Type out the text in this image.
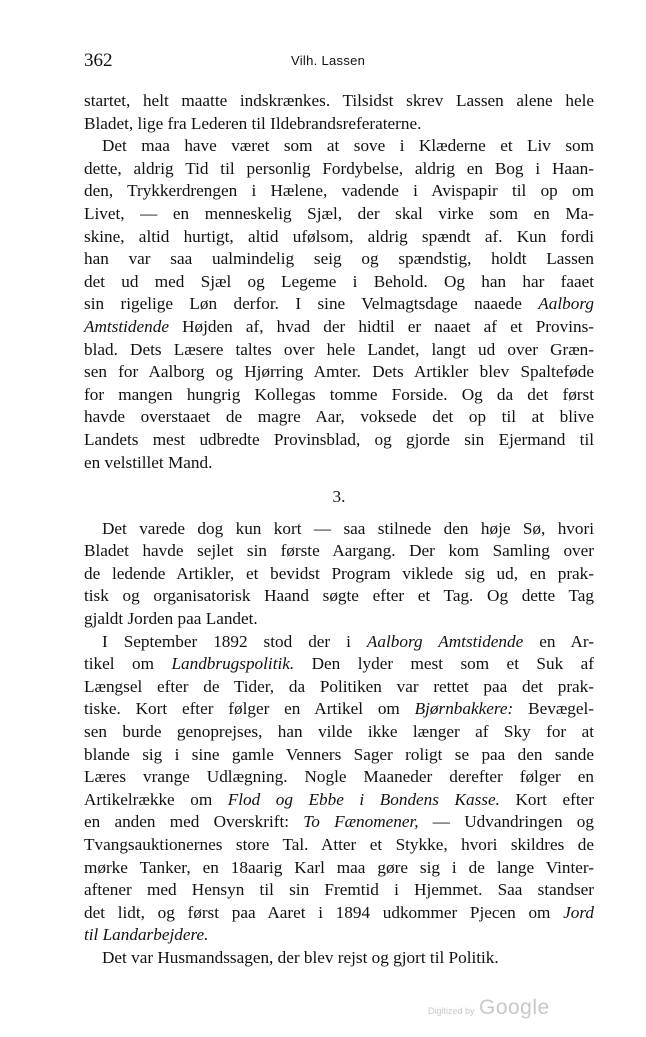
362	Vilh. Lassen
startet, helt maatte indskrænkes. Tilsidst skrev Lassen alene hele
Bladet, lige fra Lederen til Ildebrandsreferaterne.
Det maa have været som at sove i Klæderne et Liv som
dette, aldrig Tid til personlig Fordybelse, aldrig en Bog i Haan-
den, Trykkerdrengen i Hælene, vadende i Avispapir til op om
Livet, — en menneskelig Sjæl, der skal virke som en Ma-
skine, altid hurtigt, altid ufølsom, aldrig spændt af. Kun fordi
han var saa ualmindelig seig og spændstig, holdt Lassen
det ud med Sjæl og Legeme i Behold. Og han har faaet
sin rigelige Løn derfor. I sine Velmagtsdage naaede Aalborg
Amtstidende Højden af, hvad der hidtil er naaet af et Provins-
blad. Dets Læsere taltes over hele Landet, langt ud over Græn-
sen for Aalborg og Hjørring Amter. Dets Artikler blev Spalteføde
for mangen hungrig Kollegas tomme Forside. Og da det først
havde overstaaet de magre Aar, voksede det op til at blive
Landets mest udbredte Provinsblad, og gjorde sin Ejermand til
en velstillet Mand.
3.
Det varede dog kun kort — saa stilnede den høje Sø, hvori
Bladet havde sejlet sin første Aargang. Der kom Samling over
de ledende Artikler, et bevidst Program viklede sig ud, en prak-
tisk og organisatorisk Haand søgte efter et Tag. Og dette Tag
gjaldt Jorden paa Landet.
I September 1892 stod der i Aalborg Amtstidende en Ar-
tikel om Landbrugspolitik. Den lyder mest som et Suk af
Længsel efter de Tider, da Politiken var rettet paa det prak-
tiske. Kort efter følger en Artikel om Bjørnbakkere: Bevægel-
sen burde genoprejses, han vilde ikke længer af Sky for at
blande sig i sine gamle Venners Sager roligt se paa den sande
Læres vrange Udlægning. Nogle Maaneder derefter følger en
Artikelrække om Flod og Ebbe i Bondens Kasse. Kort efter
en anden med Overskrift: To Fænomener, — Udvandringen og
Tvangsauktionernes store Tal. Atter et Stykke, hvori skildres de
mørke Tanker, en 18aarig Karl maa gøre sig i de lange Vinter-
aftener med Hensyn til sin Fremtid i Hjemmet. Saa standser
det lidt, og først paa Aaret i 1894 udkommer Pjecen om Jord
til Landarbejdere.
Det var Husmandssagen, der blev rejst og gjort til Politik.
Digitized by Google
